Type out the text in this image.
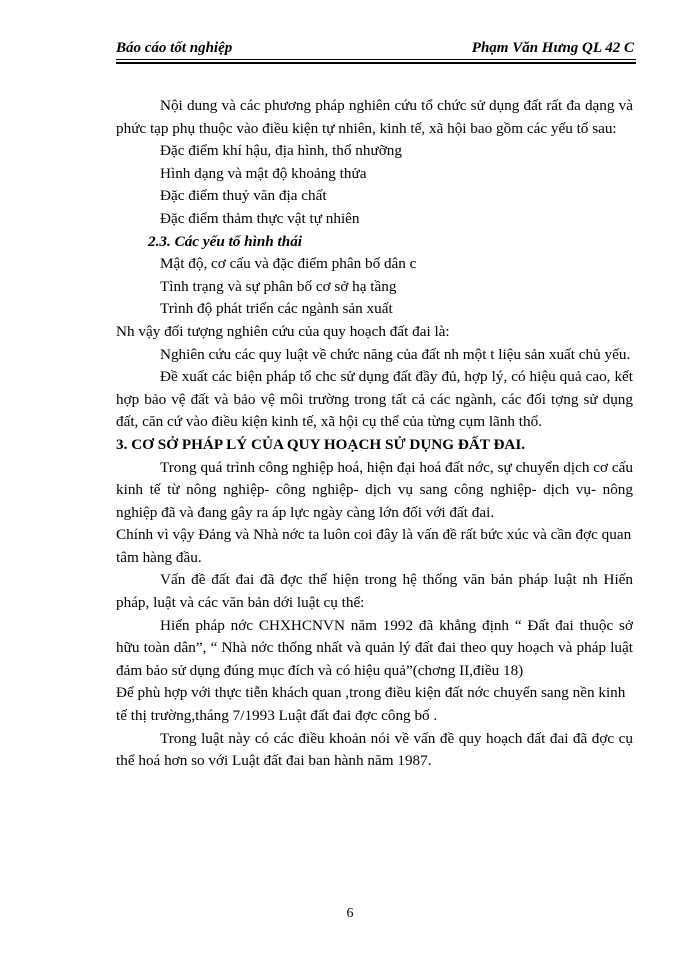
Báo cáo tốt nghiệp	Phạm Văn Hưng QL 42 C

Nội dung và các phương pháp nghiên cứu tổ chức sử dụng đất rất đa dạng và phức tạp phụ thuộc vào điều kiện tự nhiên, kinh tế, xã hội bao gồm các yếu tố sau:

Đặc điểm khí hậu, địa hình, thổ nhưỡng

Hình dạng và mật độ khoảng thửa

Đặc điểm thuỷ văn địa chất

Đặc điểm thảm thực vật tự nhiên

2.3. Các yếu tố hình thái

Mật độ, cơ cấu và đặc điểm phân bố dân c

Tình trạng và sự phân bố cơ sở hạ tầng

Trình độ phát triển các ngành sản xuất

Nh vậy đối tượng nghiên cứu của quy hoạch đất đai là:

Nghiên cứu các quy luật về chức năng của đất nh một t liệu sản xuất chủ yếu.

Đề xuất các biện pháp tổ chc sử dụng đất đầy đủ, hợp lý, có hiệu quả cao, kết hợp bảo vệ đất và bảo vệ môi trường trong tất cả các ngành, các đối tợng sử dụng đất, căn cứ vào điều kiện kinh tế, xã hội cụ thể của từng cụm lãnh thổ.

3. CƠ SỞ PHÁP LÝ CỦA QUY HOẠCH SỬ DỤNG ĐẤT ĐAI.

Trong quá trình công nghiệp hoá, hiện đại hoá đất nớc, sự chuyển dịch cơ cấu kinh tế từ nông nghiệp- công nghiệp- dịch vụ sang công nghiệp- dịch vụ- nông nghiệp đã và đang gây ra áp lực ngày càng lớn đối với đất đai.

Chính vì vậy Đảng và Nhà nớc ta luôn coi đây là vấn đề rất bức xúc và cần đợc quan tâm hàng đầu.

Vấn đề đất đai đã đợc thể hiện trong hệ thống văn bản pháp luật nh Hiến pháp, luật và các văn bản dới luật cụ thể:

Hiến pháp nớc CHXHCNVN năm 1992 đã khẳng định “ Đất đai thuộc sở hữu toàn dân”, “ Nhà nớc thống nhất và quản lý đất đai theo quy hoạch và pháp luật đảm bảo sử dụng đúng mục đích và có hiệu quả”(chơng II,điều 18)

Để phù hợp với thực tiễn khách quan ,trong điều kiện đất nớc chuyển sang nền kinh tế thị trường,tháng 7/1993 Luật đất đai đợc công bố .

Trong luật này có các điều khoản nói về vấn đề quy hoạch đất đai đã đợc cụ thể hoá hơn so với Luật đất đai ban hành năm 1987.

6
